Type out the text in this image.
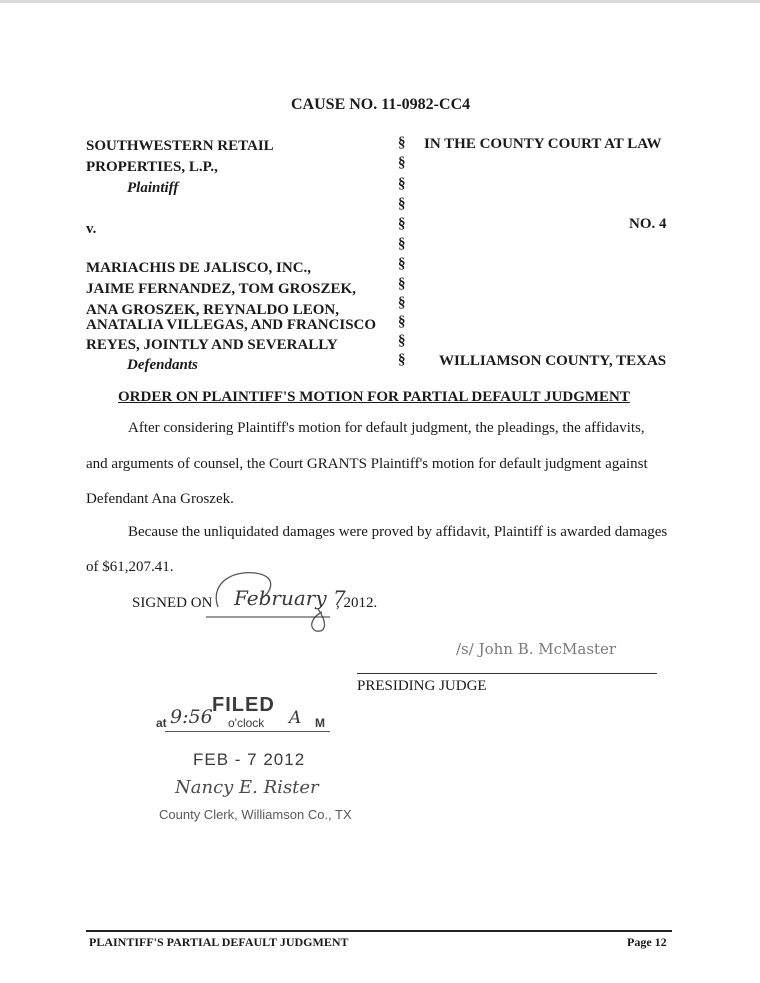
CAUSE NO. 11-0982-CC4
SOUTHWESTERN RETAIL
PROPERTIES, L.P.,
Plaintiff
v.
MARIACHIS DE JALISCO, INC.,
JAIME FERNANDEZ, TOM GROSZEK,
ANA GROSZEK, REYNALDO LEON,
ANATALIA VILLEGAS, AND FRANCISCO
REYES, JOINTLY AND SEVERALLY
Defendants
§
§
§
§
§
§
§
§
§
§
§
§
IN THE COUNTY COURT AT LAW
NO. 4
WILLIAMSON COUNTY, TEXAS
ORDER ON PLAINTIFF'S MOTION FOR PARTIAL DEFAULT JUDGMENT
After considering Plaintiff's motion for default judgment, the pleadings, the affidavits,
and arguments of counsel, the Court GRANTS Plaintiff's motion for default judgment against
Defendant Ana Groszek.
Because the unliquidated damages were proved by affidavit, Plaintiff is awarded damages
of $61,207.41.
SIGNED ON February 7
, 2012.
/s/ John B. McMaster
PRESIDING JUDGE
FILED
at 9:56 o'clock A M
FEB - 7 2012
Nancy E. Rister
County Clerk, Williamson Co., TX
PLAINTIFF'S PARTIAL DEFAULT JUDGMENT	Page 12
